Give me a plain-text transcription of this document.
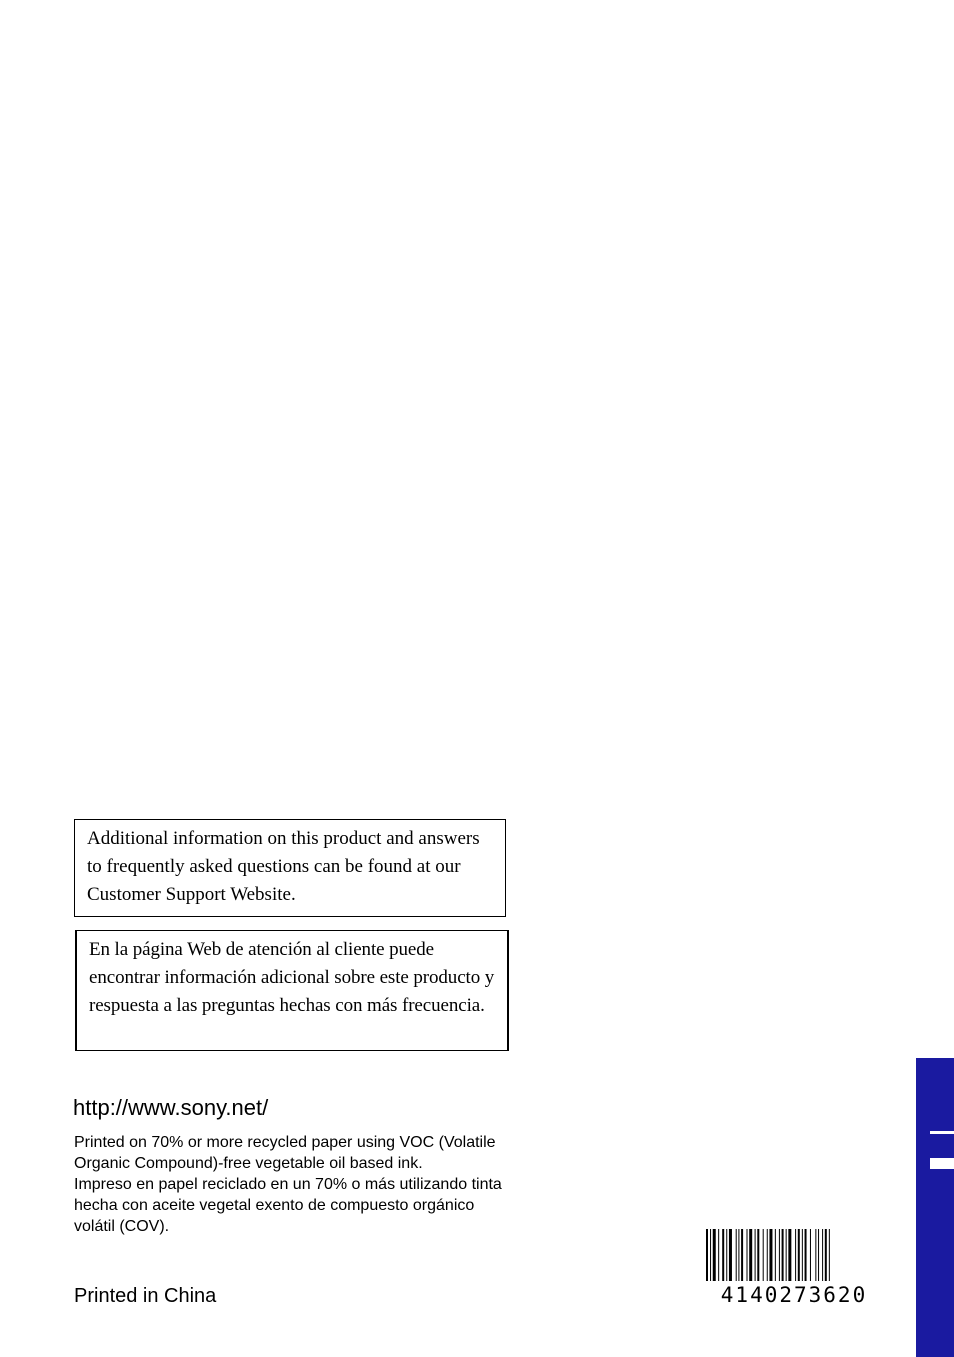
Additional information on this product and answers to frequently asked questions can be found at our Customer Support Website.
En la página Web de atención al cliente puede encontrar información adicional sobre este producto y respuesta a las preguntas hechas con más frecuencia.
http://www.sony.net/

Printed on 70% or more recycled paper using VOC (Volatile Organic Compound)-free vegetable oil based ink.

Impreso en papel reciclado en un 70% o más utilizando tinta hecha con aceite vegetal exento de compuesto orgánico volátil (COV).

Printed in China	4140273620
